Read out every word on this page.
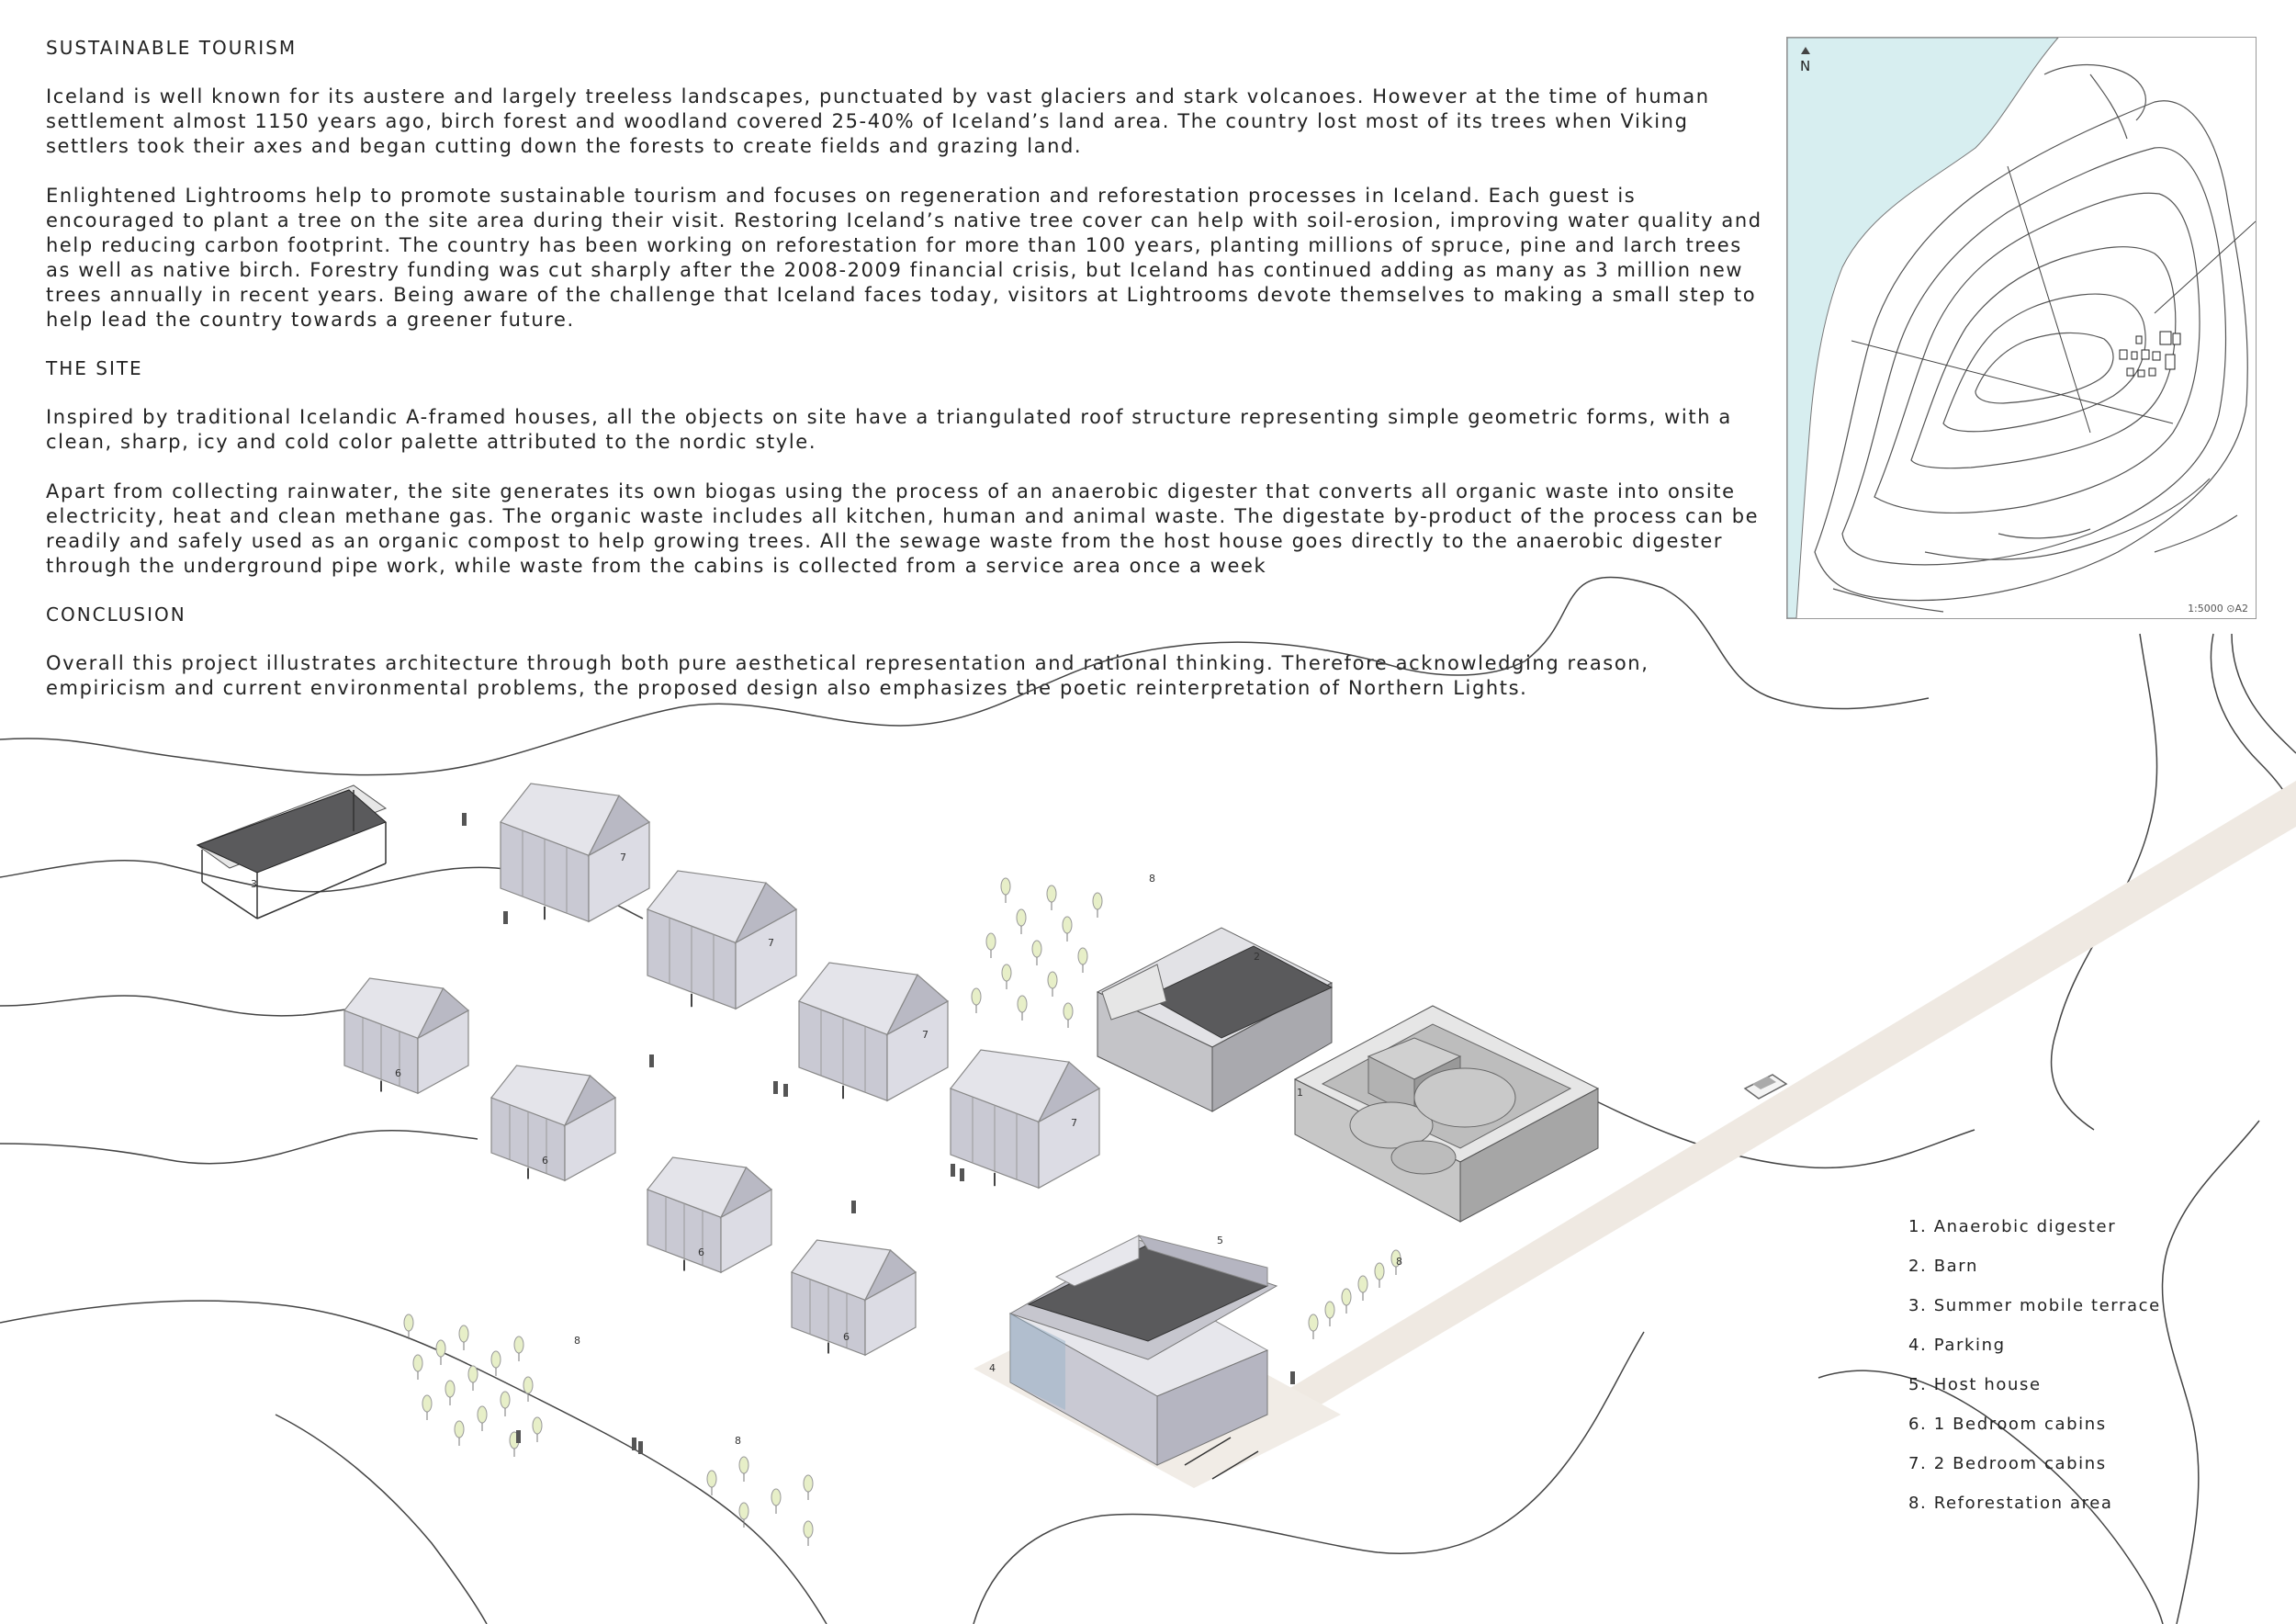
SUSTAINABLE TOURISM
Iceland is well known for its austere and largely treeless landscapes, punctuated by vast glaciers and stark volcanoes. However at the time of human settlement almost 1150 years ago, birch forest and woodland covered 25-40% of Iceland’s land area. The country lost most of its trees when Viking settlers took their axes and began cutting down the forests to create fields and grazing land.
Enlightened Lightrooms help to promote sustainable tourism and focuses on regeneration and reforestation processes in Iceland. Each guest is encouraged to plant a tree on the site area during their visit. Restoring Iceland’s native tree cover can help with soil-erosion, improving water quality and help reducing carbon footprint. The country has been working on reforestation for more than 100 years, planting millions of spruce, pine and larch trees as well as native birch. Forestry funding was cut sharply after the 2008-2009 financial crisis, but Iceland has continued adding as many as 3 million new trees annually in recent years. Being aware of the challenge that Iceland faces today, visitors at Lightrooms devote themselves to making a small step to help lead the country towards a greener future.
THE SITE
Inspired by traditional Icelandic A-framed houses, all the objects on site have a triangulated roof structure representing simple geometric forms, with a clean, sharp, icy and cold color palette attributed to the nordic style.
Apart from collecting rainwater, the site generates its own biogas using the process of an anaerobic digester that converts all organic waste into onsite electricity, heat and clean methane gas. The organic waste includes all kitchen, human and animal waste. The digestate by-product of the process can be readily and safely used as an organic compost to help growing trees. All the sewage waste from the host house goes directly to the anaerobic digester through the underground pipe work, while waste from the cabins is collected from a service area once a week
CONCLUSION
Overall this project illustrates architecture through both pure aesthetical representation and rational thinking. Therefore acknowledging reason, empiricism and current environmental problems, the proposed design also emphasizes the poetic reinterpretation of Northern Lights.
N
1:5000 ⊙A2
1
2
3
4
5
6
6
6
6
7
7
7
7
8
8
8
8
1. Anaerobic digester
2. Barn
3. Summer mobile terrace
4. Parking
5. Host house
6. 1 Bedroom cabins
7. 2 Bedroom cabins
8. Reforestation area
